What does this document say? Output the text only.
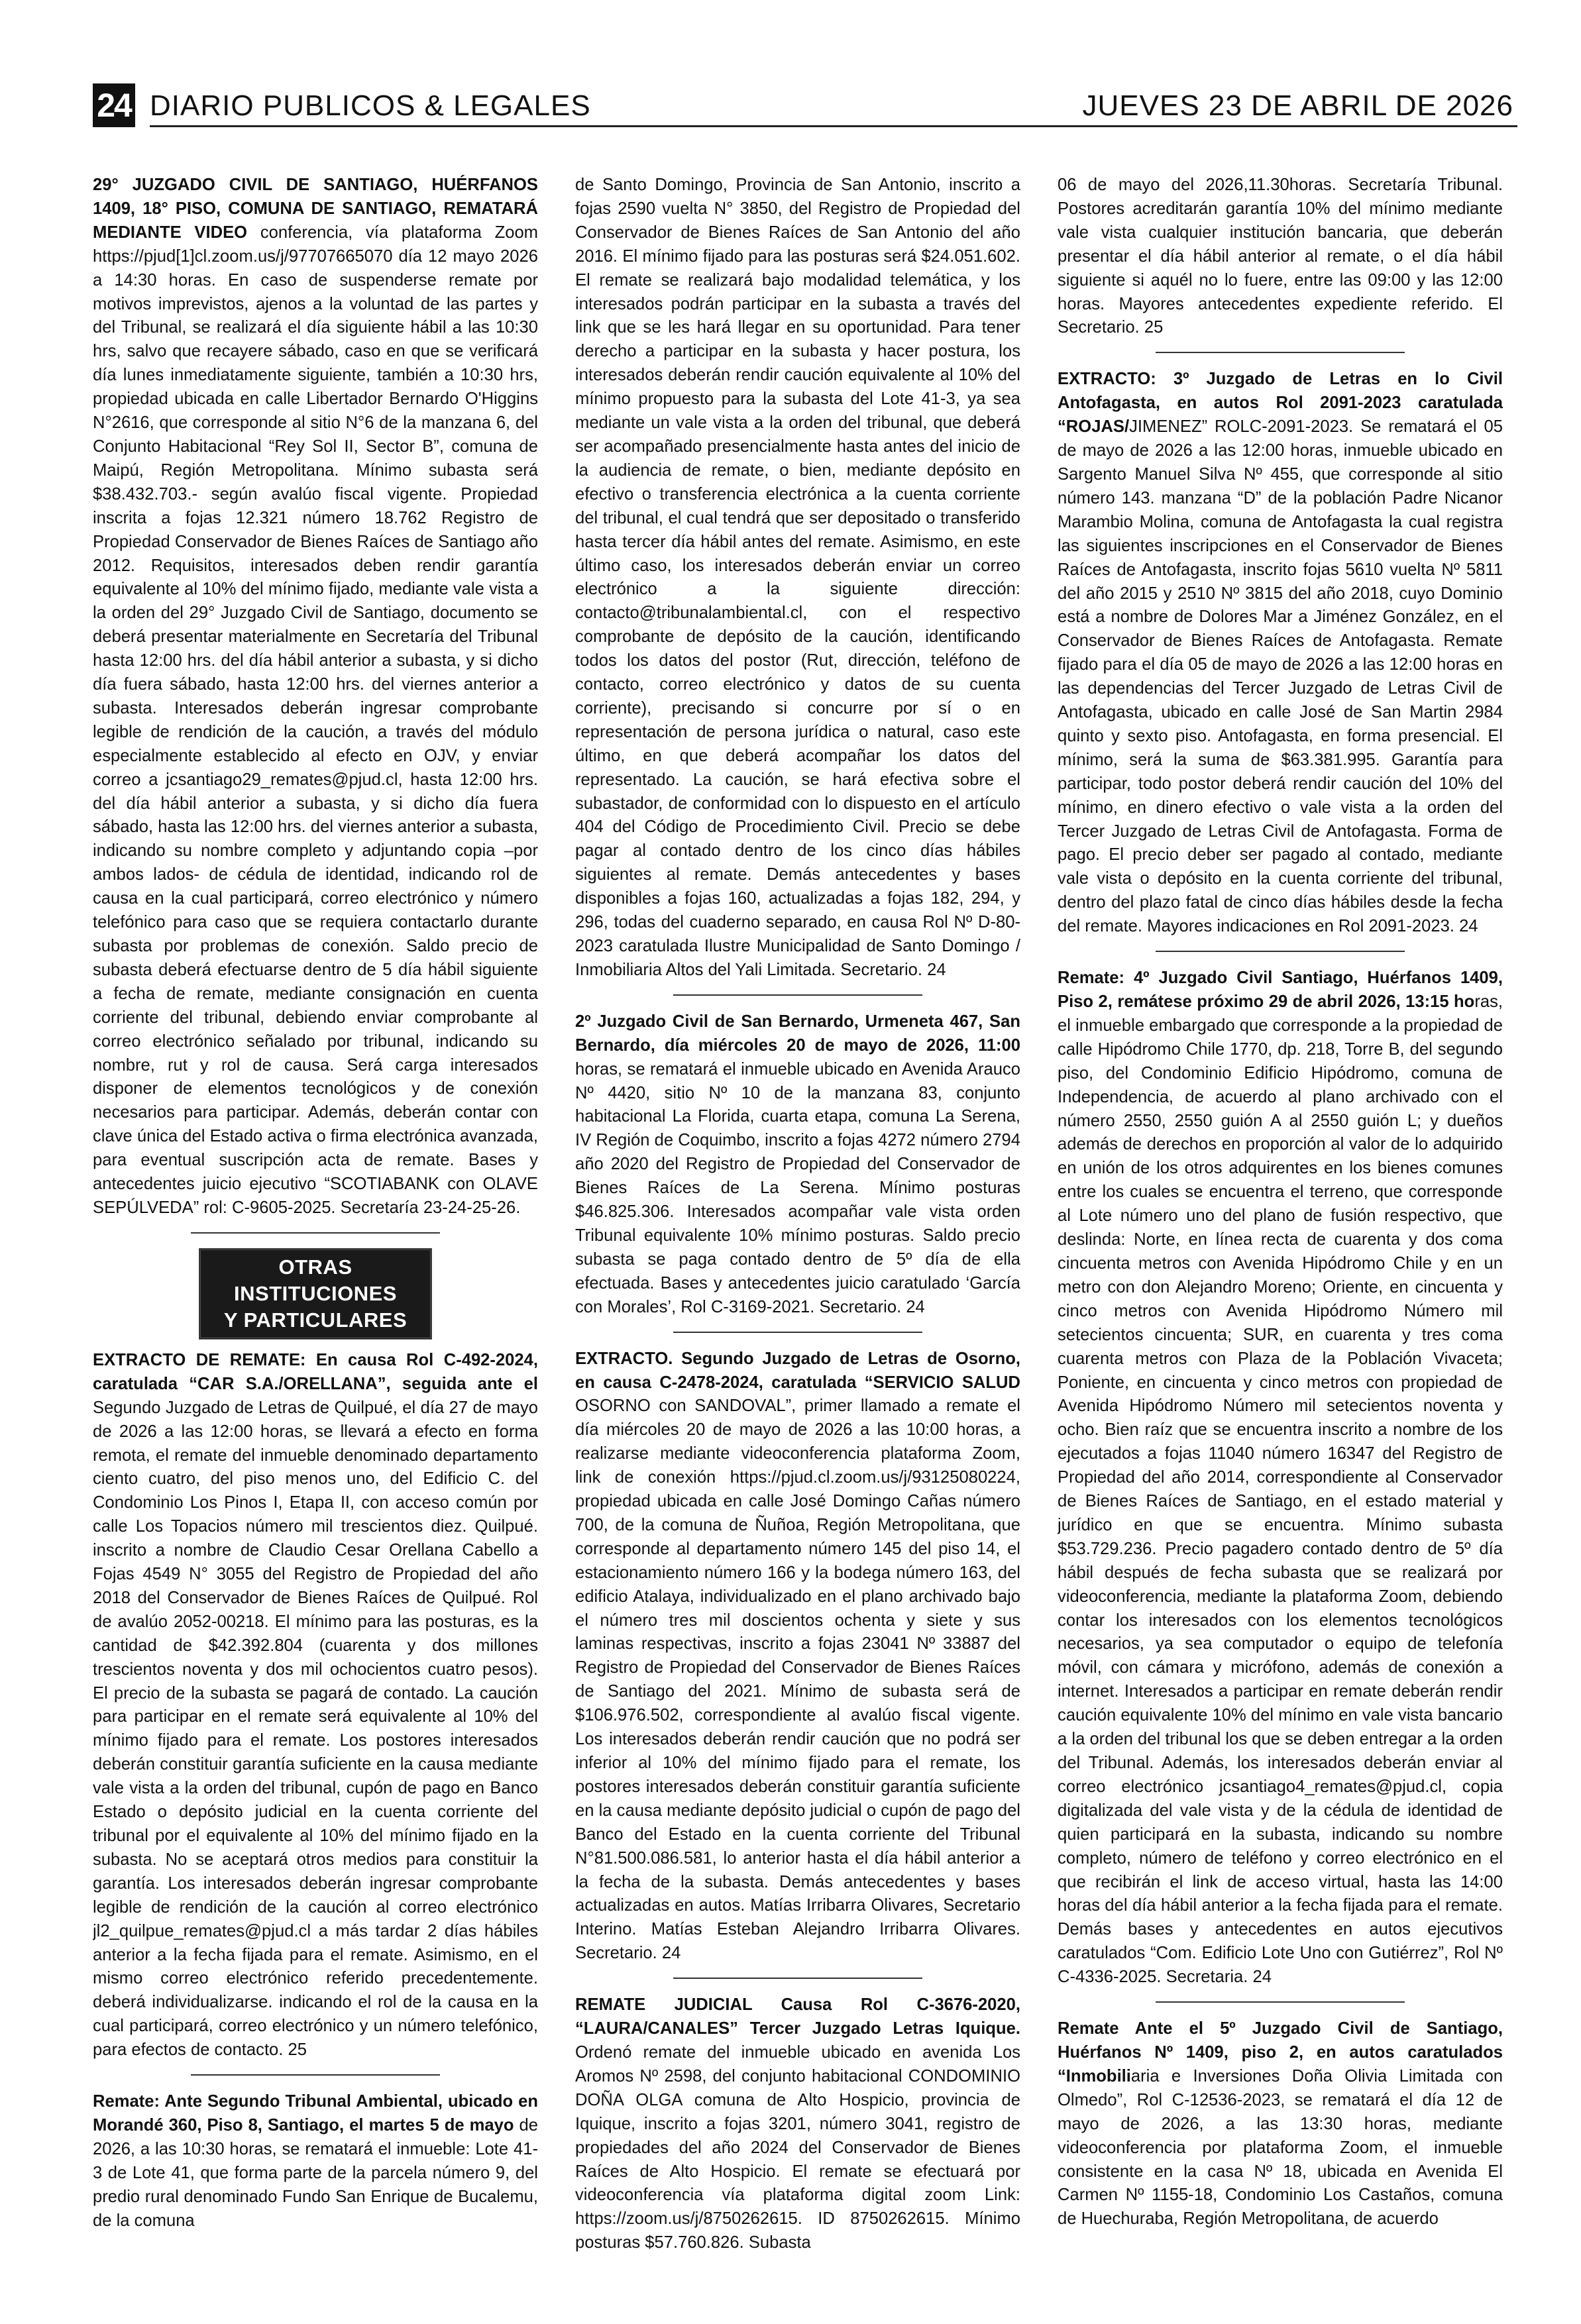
24 DIARIO PUBLICOS & LEGALES	JUEVES 23 DE ABRIL DE 2026

29° JUZGADO CIVIL DE SANTIAGO, HUÉRFANOS 1409, 18° PISO, COMUNA DE SANTIAGO, REMATARÁ MEDIANTE VIDEO conferencia, vía plataforma Zoom https://pjud[1]cl.zoom.us/j/97707665070 día 12 mayo 2026 a 14:30 horas. En caso de suspenderse remate por motivos imprevistos, ajenos a la voluntad de las partes y del Tribunal, se realizará el día siguiente hábil a las 10:30 hrs, salvo que recayere sábado, caso en que se verificará día lunes inmediatamente siguiente, también a 10:30 hrs, propiedad ubicada en calle Libertador Bernardo O'Higgins N°2616, que corresponde al sitio N°6 de la manzana 6, del Conjunto Habitacional “Rey Sol II, Sector B”, comuna de Maipú, Región Metropolitana. Mínimo subasta será $38.432.703.- según avalúo fiscal vigente. Propiedad inscrita a fojas 12.321 número 18.762 Registro de Propiedad Conservador de Bienes Raíces de Santiago año 2012. Requisitos, interesados deben rendir garantía equivalente al 10% del mínimo fijado, mediante vale vista a la orden del 29° Juzgado Civil de Santiago, documento se deberá presentar materialmente en Secretaría del Tribunal hasta 12:00 hrs. del día hábil anterior a subasta, y si dicho día fuera sábado, hasta 12:00 hrs. del viernes anterior a subasta. Interesados deberán ingresar comprobante legible de rendición de la caución, a través del módulo especialmente establecido al efecto en OJV, y enviar correo a jcsantiago29_remates@pjud.cl, hasta 12:00 hrs. del día hábil anterior a subasta, y si dicho día fuera sábado, hasta las 12:00 hrs. del viernes anterior a subasta, indicando su nombre completo y adjuntando copia –por ambos lados- de cédula de identidad, indicando rol de causa en la cual participará, correo electrónico y número telefónico para caso que se requiera contactarlo durante subasta por problemas de conexión. Saldo precio de subasta deberá efectuarse dentro de 5 día hábil siguiente a fecha de remate, mediante consignación en cuenta corriente del tribunal, debiendo enviar comprobante al correo electrónico señalado por tribunal, indicando su nombre, rut y rol de causa. Será carga interesados disponer de elementos tecnológicos y de conexión necesarios para participar. Además, deberán contar con clave única del Estado activa o firma electrónica avanzada, para eventual suscripción acta de remate. Bases y antecedentes juicio ejecutivo “SCOTIABANK con OLAVE SEPÚLVEDA” rol: C-9605-2025. Secretaría 23-24-25-26.

OTRAS INSTITUCIONES
Y PARTICULARES

EXTRACTO DE REMATE: En causa Rol C-492-2024, caratulada “CAR S.A./ORELLANA”, seguida ante el Segundo Juzgado de Letras de Quilpué, el día 27 de mayo de 2026 a las 12:00 horas, se llevará a efecto en forma remota, el remate del inmueble denominado departamento ciento cuatro, del piso menos uno, del Edificio C. del Condominio Los Pinos I, Etapa II, con acceso común por calle Los Topacios número mil trescientos diez. Quilpué. inscrito a nombre de Claudio Cesar Orellana Cabello a Fojas 4549 N° 3055 del Registro de Propiedad del año 2018 del Conservador de Bienes Raíces de Quilpué. Rol de avalúo 2052-00218. El mínimo para las posturas, es la cantidad de $42.392.804 (cuarenta y dos millones trescientos noventa y dos mil ochocientos cuatro pesos). El precio de la subasta se pagará de contado. La caución para participar en el remate será equivalente al 10% del mínimo fijado para el remate. Los postores interesados deberán constituir garantía suficiente en la causa mediante vale vista a la orden del tribunal, cupón de pago en Banco Estado o depósito judicial en la cuenta corriente del tribunal por el equivalente al 10% del mínimo fijado en la subasta. No se aceptará otros medios para constituir la garantía. Los interesados deberán ingresar comprobante legible de rendición de la caución al correo electrónico jl2_quilpue_remates@pjud.cl a más tardar 2 días hábiles anterior a la fecha fijada para el remate. Asimismo, en el mismo correo electrónico referido precedentemente. deberá individualizarse. indicando el rol de la causa en la cual participará, correo electrónico y un número telefónico, para efectos de contacto. 25

Remate: Ante Segundo Tribunal Ambiental, ubicado en Morandé 360, Piso 8, Santiago, el martes 5 de mayo de 2026, a las 10:30 horas, se rematará el inmueble: Lote 41-3 de Lote 41, que forma parte de la parcela número 9, del predio rural denominado Fundo San Enrique de Bucalemu, de la comuna

de Santo Domingo, Provincia de San Antonio, inscrito a fojas 2590 vuelta N° 3850, del Registro de Propiedad del Conservador de Bienes Raíces de San Antonio del año 2016. El mínimo fijado para las posturas será $24.051.602. El remate se realizará bajo modalidad telemática, y los interesados podrán participar en la subasta a través del link que se les hará llegar en su oportunidad. Para tener derecho a participar en la subasta y hacer postura, los interesados deberán rendir caución equivalente al 10% del mínimo propuesto para la subasta del Lote 41-3, ya sea mediante un vale vista a la orden del tribunal, que deberá ser acompañado presencialmente hasta antes del inicio de la audiencia de remate, o bien, mediante depósito en efectivo o transferencia electrónica a la cuenta corriente del tribunal, el cual tendrá que ser depositado o transferido hasta tercer día hábil antes del remate. Asimismo, en este último caso, los interesados deberán enviar un correo electrónico a la siguiente dirección: contacto@tribunalambiental.cl, con el respectivo comprobante de depósito de la caución, identificando todos los datos del postor (Rut, dirección, teléfono de contacto, correo electrónico y datos de su cuenta corriente), precisando si concurre por sí o en representación de persona jurídica o natural, caso este último, en que deberá acompañar los datos del representado. La caución, se hará efectiva sobre el subastador, de conformidad con lo dispuesto en el artículo 404 del Código de Procedimiento Civil. Precio se debe pagar al contado dentro de los cinco días hábiles siguientes al remate. Demás antecedentes y bases disponibles a fojas 160, actualizadas a fojas 182, 294, y 296, todas del cuaderno separado, en causa Rol Nº D-80-2023 caratulada Ilustre Municipalidad de Santo Domingo / Inmobiliaria Altos del Yali Limitada. Secretario. 24

2º Juzgado Civil de San Bernardo, Urmeneta 467, San Bernardo, día miércoles 20 de mayo de 2026, 11:00 horas, se rematará el inmueble ubicado en Avenida Arauco Nº 4420, sitio Nº 10 de la manzana 83, conjunto habitacional La Florida, cuarta etapa, comuna La Serena, IV Región de Coquimbo, inscrito a fojas 4272 número 2794 año 2020 del Registro de Propiedad del Conservador de Bienes Raíces de La Serena. Mínimo posturas $46.825.306. Interesados acompañar vale vista orden Tribunal equivalente 10% mínimo posturas. Saldo precio subasta se paga contado dentro de 5º día de ella efectuada. Bases y antecedentes juicio caratulado ‘García con Morales’, Rol C-3169-2021. Secretario. 24

EXTRACTO. Segundo Juzgado de Letras de Osorno, en causa C-2478-2024, caratulada “SERVICIO SALUD OSORNO con SANDOVAL”, primer llamado a remate el día miércoles 20 de mayo de 2026 a las 10:00 horas, a realizarse mediante videoconferencia plataforma Zoom, link de conexión https://pjud.cl.zoom.us/j/93125080224, propiedad ubicada en calle José Domingo Cañas número 700, de la comuna de Ñuñoa, Región Metropolitana, que corresponde al departamento número 145 del piso 14, el estacionamiento número 166 y la bodega número 163, del edificio Atalaya, individualizado en el plano archivado bajo el número tres mil doscientos ochenta y siete y sus laminas respectivas, inscrito a fojas 23041 Nº 33887 del Registro de Propiedad del Conservador de Bienes Raíces de Santiago del 2021. Mínimo de subasta será de $106.976.502, correspondiente al avalúo fiscal vigente. Los interesados deberán rendir caución que no podrá ser inferior al 10% del mínimo fijado para el remate, los postores interesados deberán constituir garantía suficiente en la causa mediante depósito judicial o cupón de pago del Banco del Estado en la cuenta corriente del Tribunal N°81.500.086.581, lo anterior hasta el día hábil anterior a la fecha de la subasta. Demás antecedentes y bases actualizadas en autos. Matías Irribarra Olivares, Secretario Interino. Matías Esteban Alejandro Irribarra Olivares. Secretario. 24

REMATE JUDICIAL Causa Rol C-3676-2020, “LAURA/CANALES” Tercer Juzgado Letras Iquique. Ordenó remate del inmueble ubicado en avenida Los Aromos Nº 2598, del conjunto habitacional CONDOMINIO DOÑA OLGA comuna de Alto Hospicio, provincia de Iquique, inscrito a fojas 3201, número 3041, registro de propiedades del año 2024 del Conservador de Bienes Raíces de Alto Hospicio. El remate se efectuará por videoconferencia vía plataforma digital zoom Link: https://zoom.us/j/8750262615. ID 8750262615. Mínimo posturas $57.760.826. Subasta

06 de mayo del 2026,11.30horas. Secretaría Tribunal. Postores acreditarán garantía 10% del mínimo mediante vale vista cualquier institución bancaria, que deberán presentar el día hábil anterior al remate, o el día hábil siguiente si aquél no lo fuere, entre las 09:00 y las 12:00 horas. Mayores antecedentes expediente referido. El Secretario. 25

EXTRACTO: 3º Juzgado de Letras en lo Civil Antofagasta, en autos Rol 2091-2023 caratulada “ROJAS/JIMENEZ” ROLC-2091-2023. Se rematará el 05 de mayo de 2026 a las 12:00 horas, inmueble ubicado en Sargento Manuel Silva Nº 455, que corresponde al sitio número 143. manzana “D” de la población Padre Nicanor Marambio Molina, comuna de Antofagasta la cual registra las siguientes inscripciones en el Conservador de Bienes Raíces de Antofagasta, inscrito fojas 5610 vuelta Nº 5811 del año 2015 y 2510 Nº 3815 del año 2018, cuyo Dominio está a nombre de Dolores Mar a Jiménez González, en el Conservador de Bienes Raíces de Antofagasta. Remate fijado para el día 05 de mayo de 2026 a las 12:00 horas en las dependencias del Tercer Juzgado de Letras Civil de Antofagasta, ubicado en calle José de San Martin 2984 quinto y sexto piso. Antofagasta, en forma presencial. El mínimo, será la suma de $63.381.995. Garantía para participar, todo postor deberá rendir caución del 10% del mínimo, en dinero efectivo o vale vista a la orden del Tercer Juzgado de Letras Civil de Antofagasta. Forma de pago. El precio deber ser pagado al contado, mediante vale vista o depósito en la cuenta corriente del tribunal, dentro del plazo fatal de cinco días hábiles desde la fecha del remate. Mayores indicaciones en Rol 2091-2023. 24

Remate: 4º Juzgado Civil Santiago, Huérfanos 1409, Piso 2, remátese próximo 29 de abril 2026, 13:15 horas, el inmueble embargado que corresponde a la propiedad de calle Hipódromo Chile 1770, dp. 218, Torre B, del segundo piso, del Condominio Edificio Hipódromo, comuna de Independencia, de acuerdo al plano archivado con el número 2550, 2550 guión A al 2550 guión L; y dueños además de derechos en proporción al valor de lo adquirido en unión de los otros adquirentes en los bienes comunes entre los cuales se encuentra el terreno, que corresponde al Lote número uno del plano de fusión respectivo, que deslinda: Norte, en línea recta de cuarenta y dos coma cincuenta metros con Avenida Hipódromo Chile y en un metro con don Alejandro Moreno; Oriente, en cincuenta y cinco metros con Avenida Hipódromo Número mil setecientos cincuenta; SUR, en cuarenta y tres coma cuarenta metros con Plaza de la Población Vivaceta; Poniente, en cincuenta y cinco metros con propiedad de Avenida Hipódromo Número mil setecientos noventa y ocho. Bien raíz que se encuentra inscrito a nombre de los ejecutados a fojas 11040 número 16347 del Registro de Propiedad del año 2014, correspondiente al Conservador de Bienes Raíces de Santiago, en el estado material y jurídico en que se encuentra. Mínimo subasta $53.729.236. Precio pagadero contado dentro de 5º día hábil después de fecha subasta que se realizará por videoconferencia, mediante la plataforma Zoom, debiendo contar los interesados con los elementos tecnológicos necesarios, ya sea computador o equipo de telefonía móvil, con cámara y micrófono, además de conexión a internet. Interesados a participar en remate deberán rendir caución equivalente 10% del mínimo en vale vista bancario a la orden del tribunal los que se deben entregar a la orden del Tribunal. Además, los interesados deberán enviar al correo electrónico jcsantiago4_remates@pjud.cl, copia digitalizada del vale vista y de la cédula de identidad de quien participará en la subasta, indicando su nombre completo, número de teléfono y correo electrónico en el que recibirán el link de acceso virtual, hasta las 14:00 horas del día hábil anterior a la fecha fijada para el remate. Demás bases y antecedentes en autos ejecutivos caratulados “Com. Edificio Lote Uno con Gutiérrez”, Rol Nº C-4336-2025. Secretaria. 24

Remate Ante el 5º Juzgado Civil de Santiago, Huérfanos Nº 1409, piso 2, en autos caratulados “Inmobiliaria e Inversiones Doña Olivia Limitada con Olmedo”, Rol C-12536-2023, se rematará el día 12 de mayo de 2026, a las 13:30 horas, mediante videoconferencia por plataforma Zoom, el inmueble consistente en la casa Nº 18, ubicada en Avenida El Carmen Nº 1155-18, Condominio Los Castaños, comuna de Huechuraba, Región Metropolitana, de acuerdo
